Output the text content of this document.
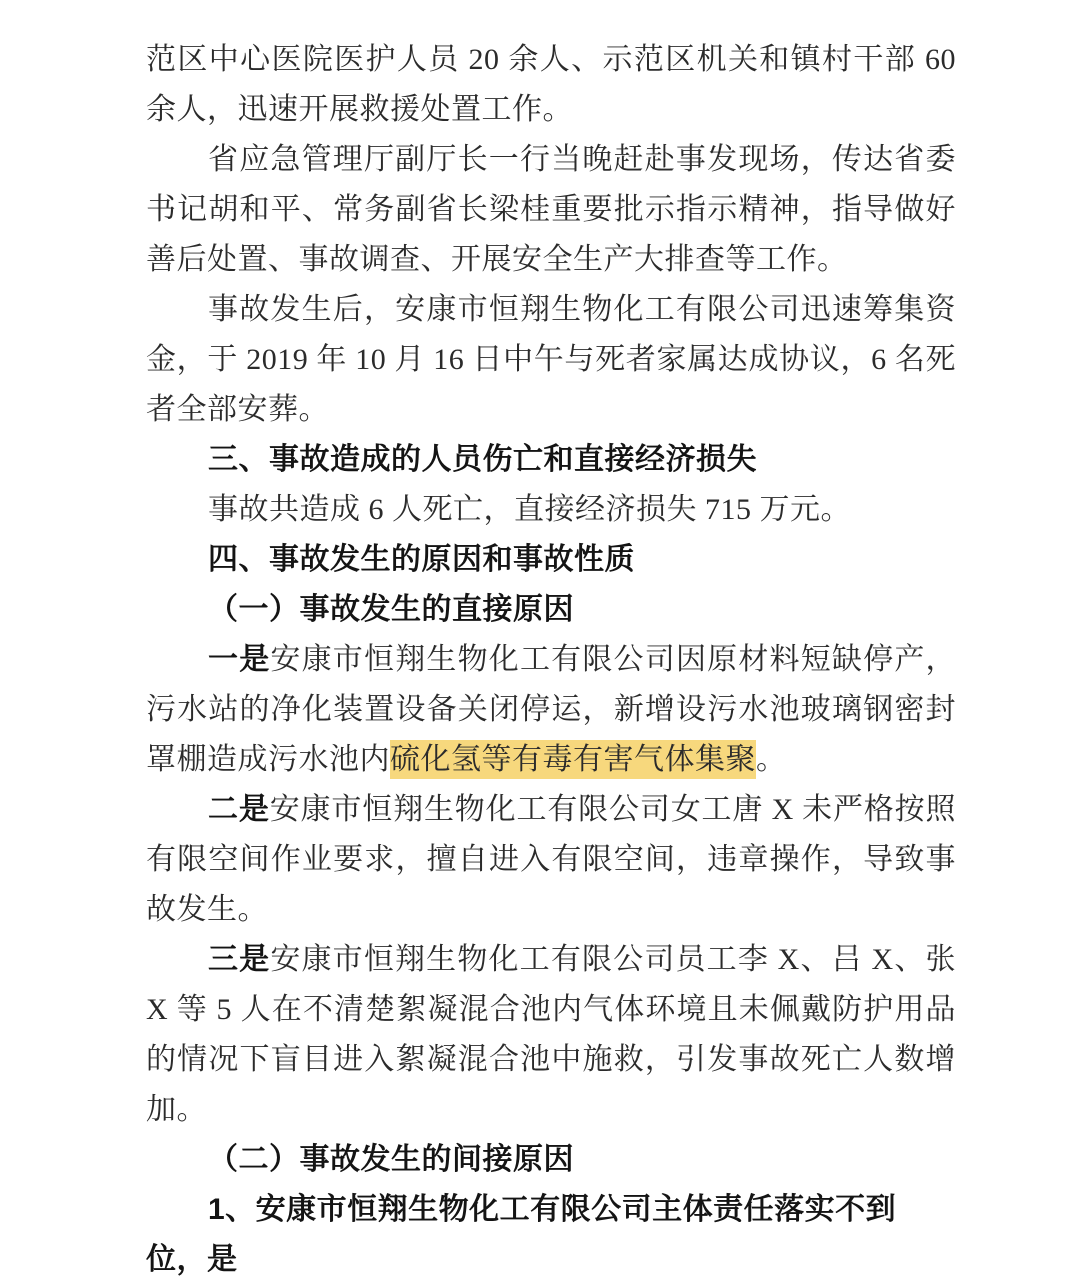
范区中心医院医护人员 20 余人、示范区机关和镇村干部 60 余人，迅速开展救援处置工作。

省应急管理厅副厅长一行当晚赶赴事发现场，传达省委书记胡和平、常务副省长梁桂重要批示指示精神，指导做好善后处置、事故调查、开展安全生产大排查等工作。

事故发生后，安康市恒翔生物化工有限公司迅速筹集资金，于 2019 年 10 月 16 日中午与死者家属达成协议，6 名死者全部安葬。

三、事故造成的人员伤亡和直接经济损失

事故共造成 6 人死亡，直接经济损失 715 万元。

四、事故发生的原因和事故性质

（一）事故发生的直接原因

一是安康市恒翔生物化工有限公司因原材料短缺停产，污水站的净化装置设备关闭停运，新增设污水池玻璃钢密封罩棚造成污水池内硫化氢等有毒有害气体集聚。

二是安康市恒翔生物化工有限公司女工唐 X 未严格按照有限空间作业要求，擅自进入有限空间，违章操作，导致事故发生。

三是安康市恒翔生物化工有限公司员工李 X、吕 X、张 X 等 5 人在不清楚絮凝混合池内气体环境且未佩戴防护用品的情况下盲目进入絮凝混合池中施救，引发事故死亡人数增加。

（二）事故发生的间接原因

1、安康市恒翔生物化工有限公司主体责任落实不到位，是
